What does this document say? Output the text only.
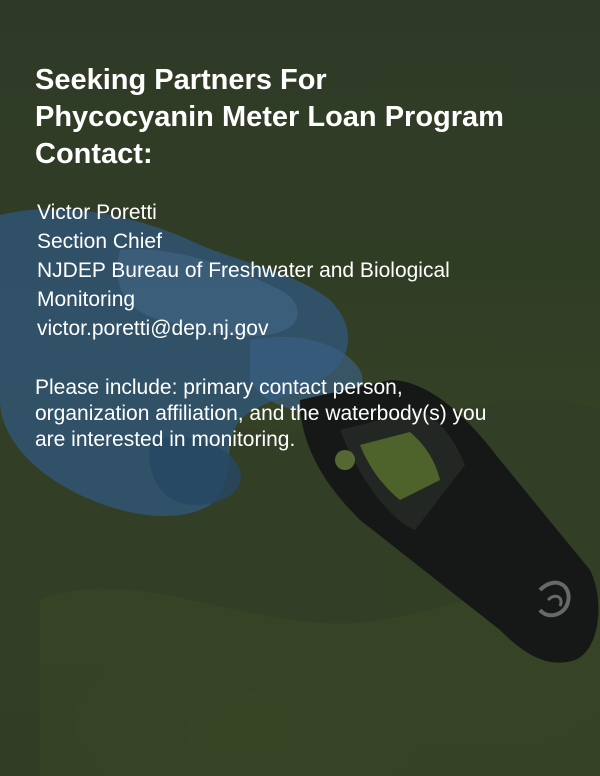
Seeking Partners For
Phycocyanin Meter Loan Program
Contact:
Victor Poretti
Section Chief
NJDEP Bureau of Freshwater and Biological
Monitoring
victor.poretti@dep.nj.gov
Please include: primary contact person,
organization affiliation, and the waterbody(s) you
are interested in monitoring.
